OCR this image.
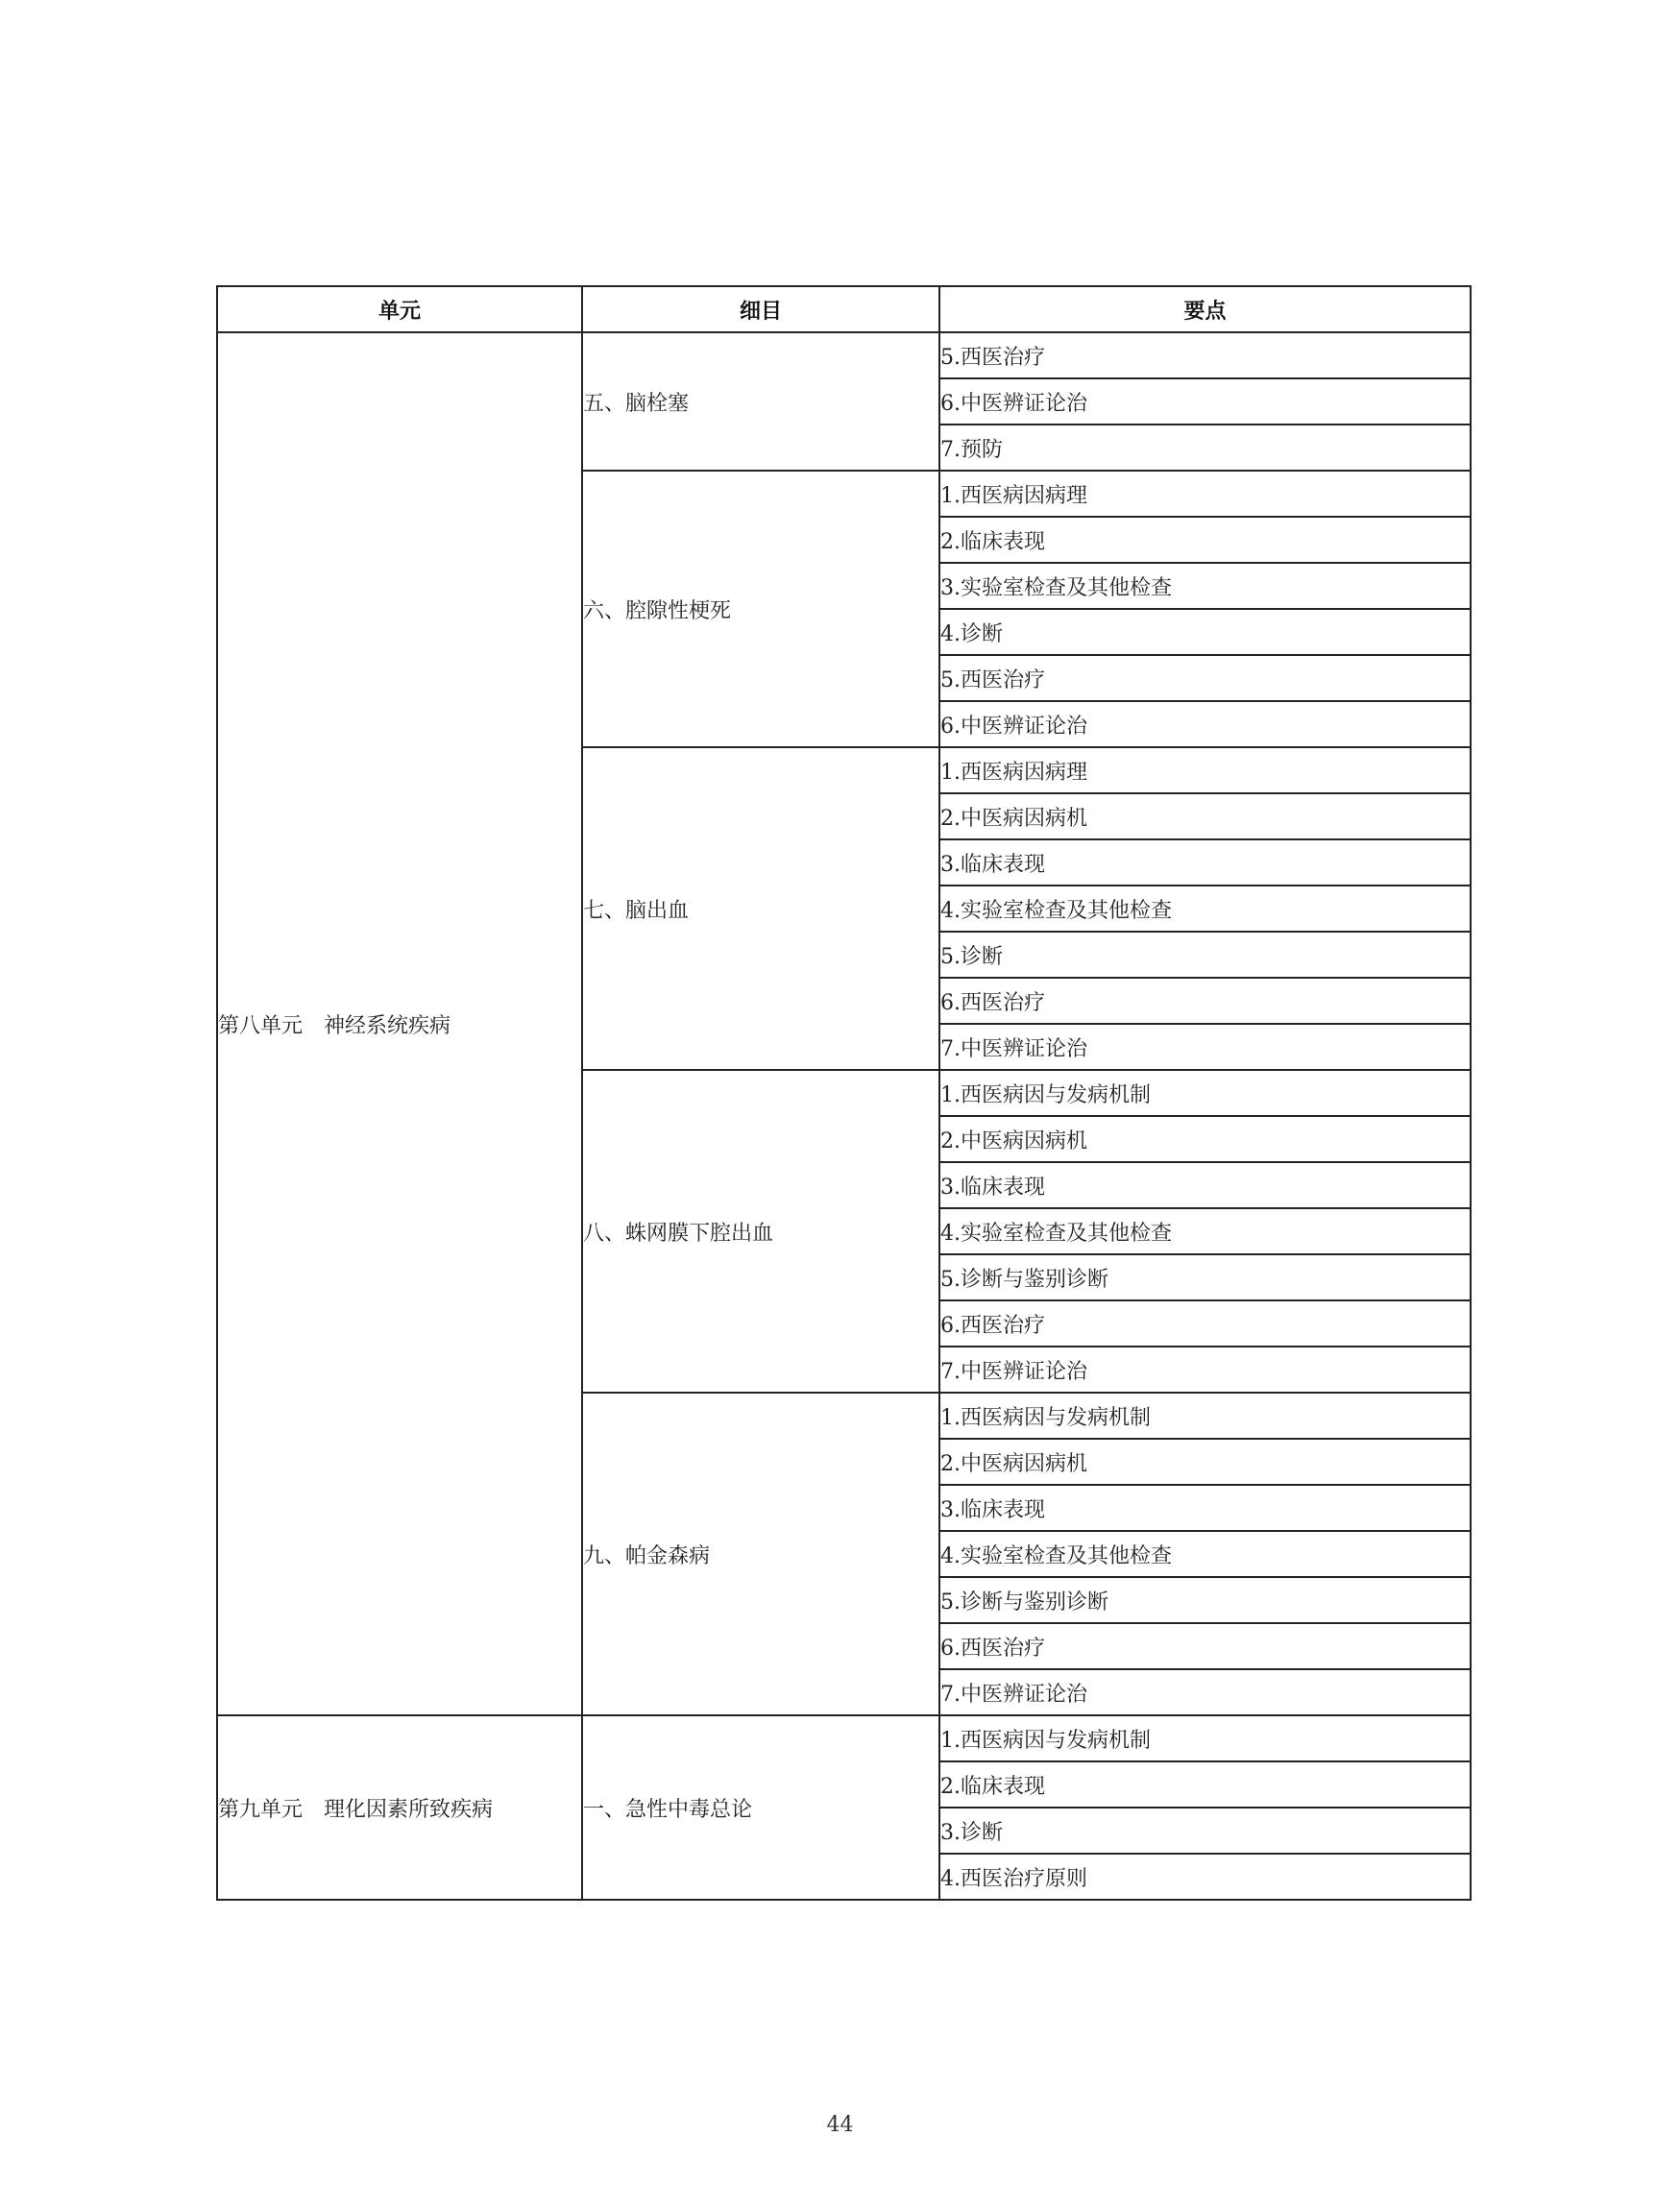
单元	细目	要点
第八单元　神经系统疾病	五、脑栓塞	5.西医治疗
		6.中医辨证论治
		7.预防
	六、腔隙性梗死	1.西医病因病理
		2.临床表现
		3.实验室检查及其他检查
		4.诊断
		5.西医治疗
		6.中医辨证论治
	七、脑出血	1.西医病因病理
		2.中医病因病机
		3.临床表现
		4.实验室检查及其他检查
		5.诊断
		6.西医治疗
		7.中医辨证论治
	八、蛛网膜下腔出血	1.西医病因与发病机制
		2.中医病因病机
		3.临床表现
		4.实验室检查及其他检查
		5.诊断与鉴别诊断
		6.西医治疗
		7.中医辨证论治
	九、帕金森病	1.西医病因与发病机制
		2.中医病因病机
		3.临床表现
		4.实验室检查及其他检查
		5.诊断与鉴别诊断
		6.西医治疗
		7.中医辨证论治
第九单元　理化因素所致疾病	一、急性中毒总论	1.西医病因与发病机制
		2.临床表现
		3.诊断
		4.西医治疗原则
44
